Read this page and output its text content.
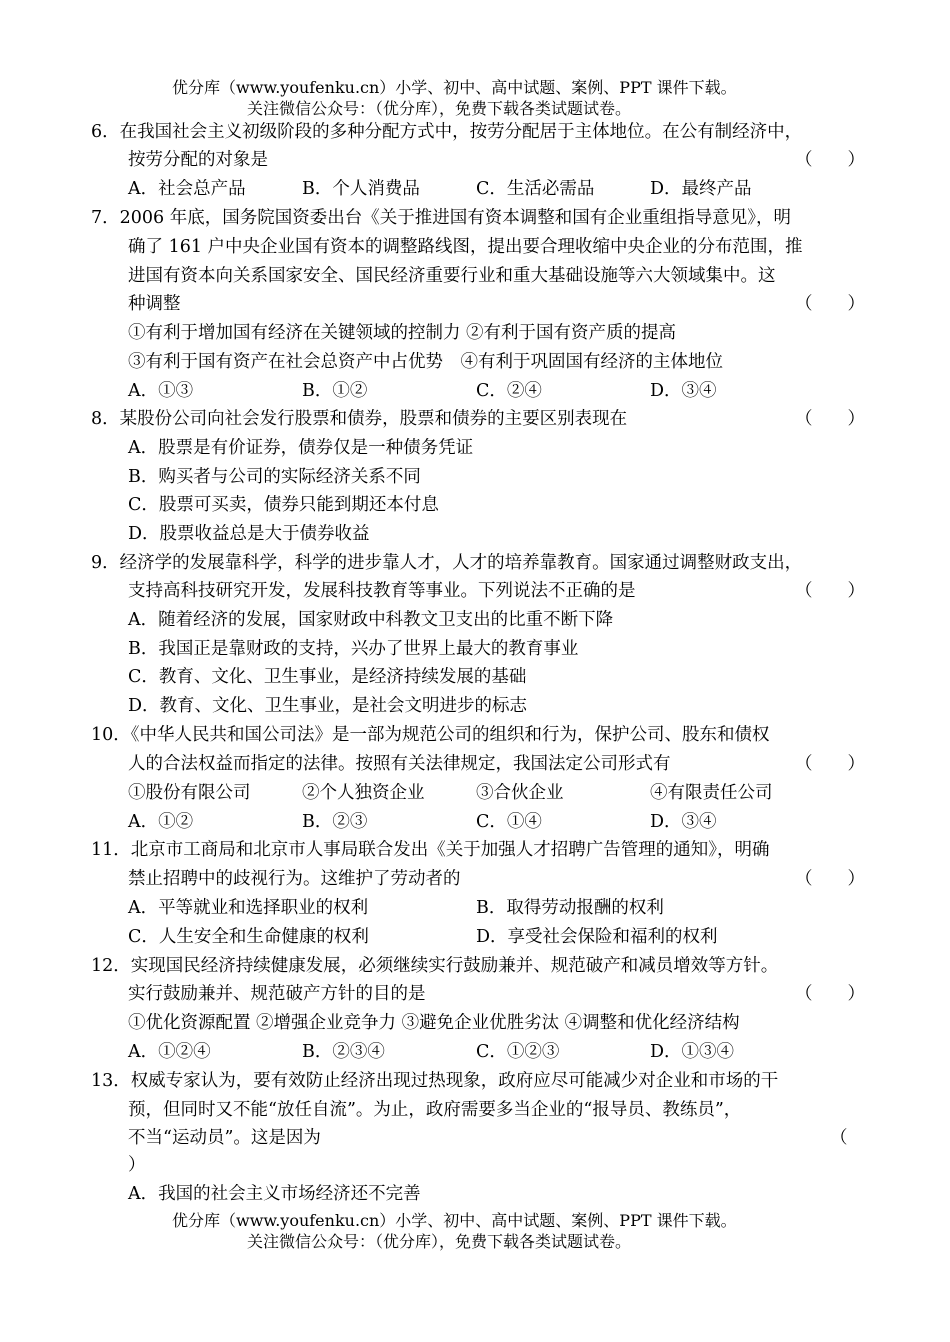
优分库（www.youfenku.cn）小学、初中、高中试题、案例、PPT 课件下载。
关注微信公众号：（优分库），免费下载各类试题试卷。
6．在我国社会主义初级阶段的多种分配方式中，按劳分配居于主体地位。在公有制经济中，
按劳分配的对象是	（　　）
A．社会总产品	B．个人消费品	C．生活必需品	D．最终产品
7．2006 年底，国务院国资委出台《关于推进国有资本调整和国有企业重组指导意见》，明
确了 161 户中央企业国有资本的调整路线图，提出要合理收缩中央企业的分布范围，推
进国有资本向关系国家安全、国民经济重要行业和重大基础设施等六大领域集中。这
种调整	（　　）
①有利于增加国有经济在关键领域的控制力 ②有利于国有资产质的提高
③有利于国有资产在社会总资产中占优势　④有利于巩固国有经济的主体地位
A．①③	B．①②	C．②④	D．③④
8．某股份公司向社会发行股票和债券，股票和债券的主要区别表现在	（　　）
A．股票是有价证券，债券仅是一种债务凭证
B．购买者与公司的实际经济关系不同
C．股票可买卖，债券只能到期还本付息
D．股票收益总是大于债券收益
9．经济学的发展靠科学，科学的进步靠人才，人才的培养靠教育。国家通过调整财政支出，
支持高科技研究开发，发展科技教育等事业。下列说法不正确的是	（　　）
A．随着经济的发展，国家财政中科教文卫支出的比重不断下降
B．我国正是靠财政的支持，兴办了世界上最大的教育事业
C．教育、文化、卫生事业，是经济持续发展的基础
D．教育、文化、卫生事业，是社会文明进步的标志
10．《中华人民共和国公司法》是一部为规范公司的组织和行为，保护公司、股东和债权
人的合法权益而指定的法律。按照有关法律规定，我国法定公司形式有	（　　）
①股份有限公司	②个人独资企业	③合伙企业	④有限责任公司
A．①②	B．②③	C．①④	D．③④
11．北京市工商局和北京市人事局联合发出《关于加强人才招聘广告管理的通知》，明确
禁止招聘中的歧视行为。这维护了劳动者的	（　　）
A．平等就业和选择职业的权利	B．取得劳动报酬的权利
C．人生安全和生命健康的权利	D．享受社会保险和福利的权利
12．实现国民经济持续健康发展，必须继续实行鼓励兼并、规范破产和减员增效等方针。
实行鼓励兼并、规范破产方针的目的是	（　　）
①优化资源配置 ②增强企业竞争力 ③避免企业优胜劣汰 ④调整和优化经济结构
A．①②④	B．②③④	C．①②③	D．①③④
13．权威专家认为，要有效防止经济出现过热现象，政府应尽可能减少对企业和市场的干
预，但同时又不能“放任自流”。为止，政府需要多当企业的“报导员、教练员”，
不当“运动员”。这是因为	（
）
A．我国的社会主义市场经济还不完善
优分库（www.youfenku.cn）小学、初中、高中试题、案例、PPT 课件下载。
关注微信公众号：（优分库），免费下载各类试题试卷。
